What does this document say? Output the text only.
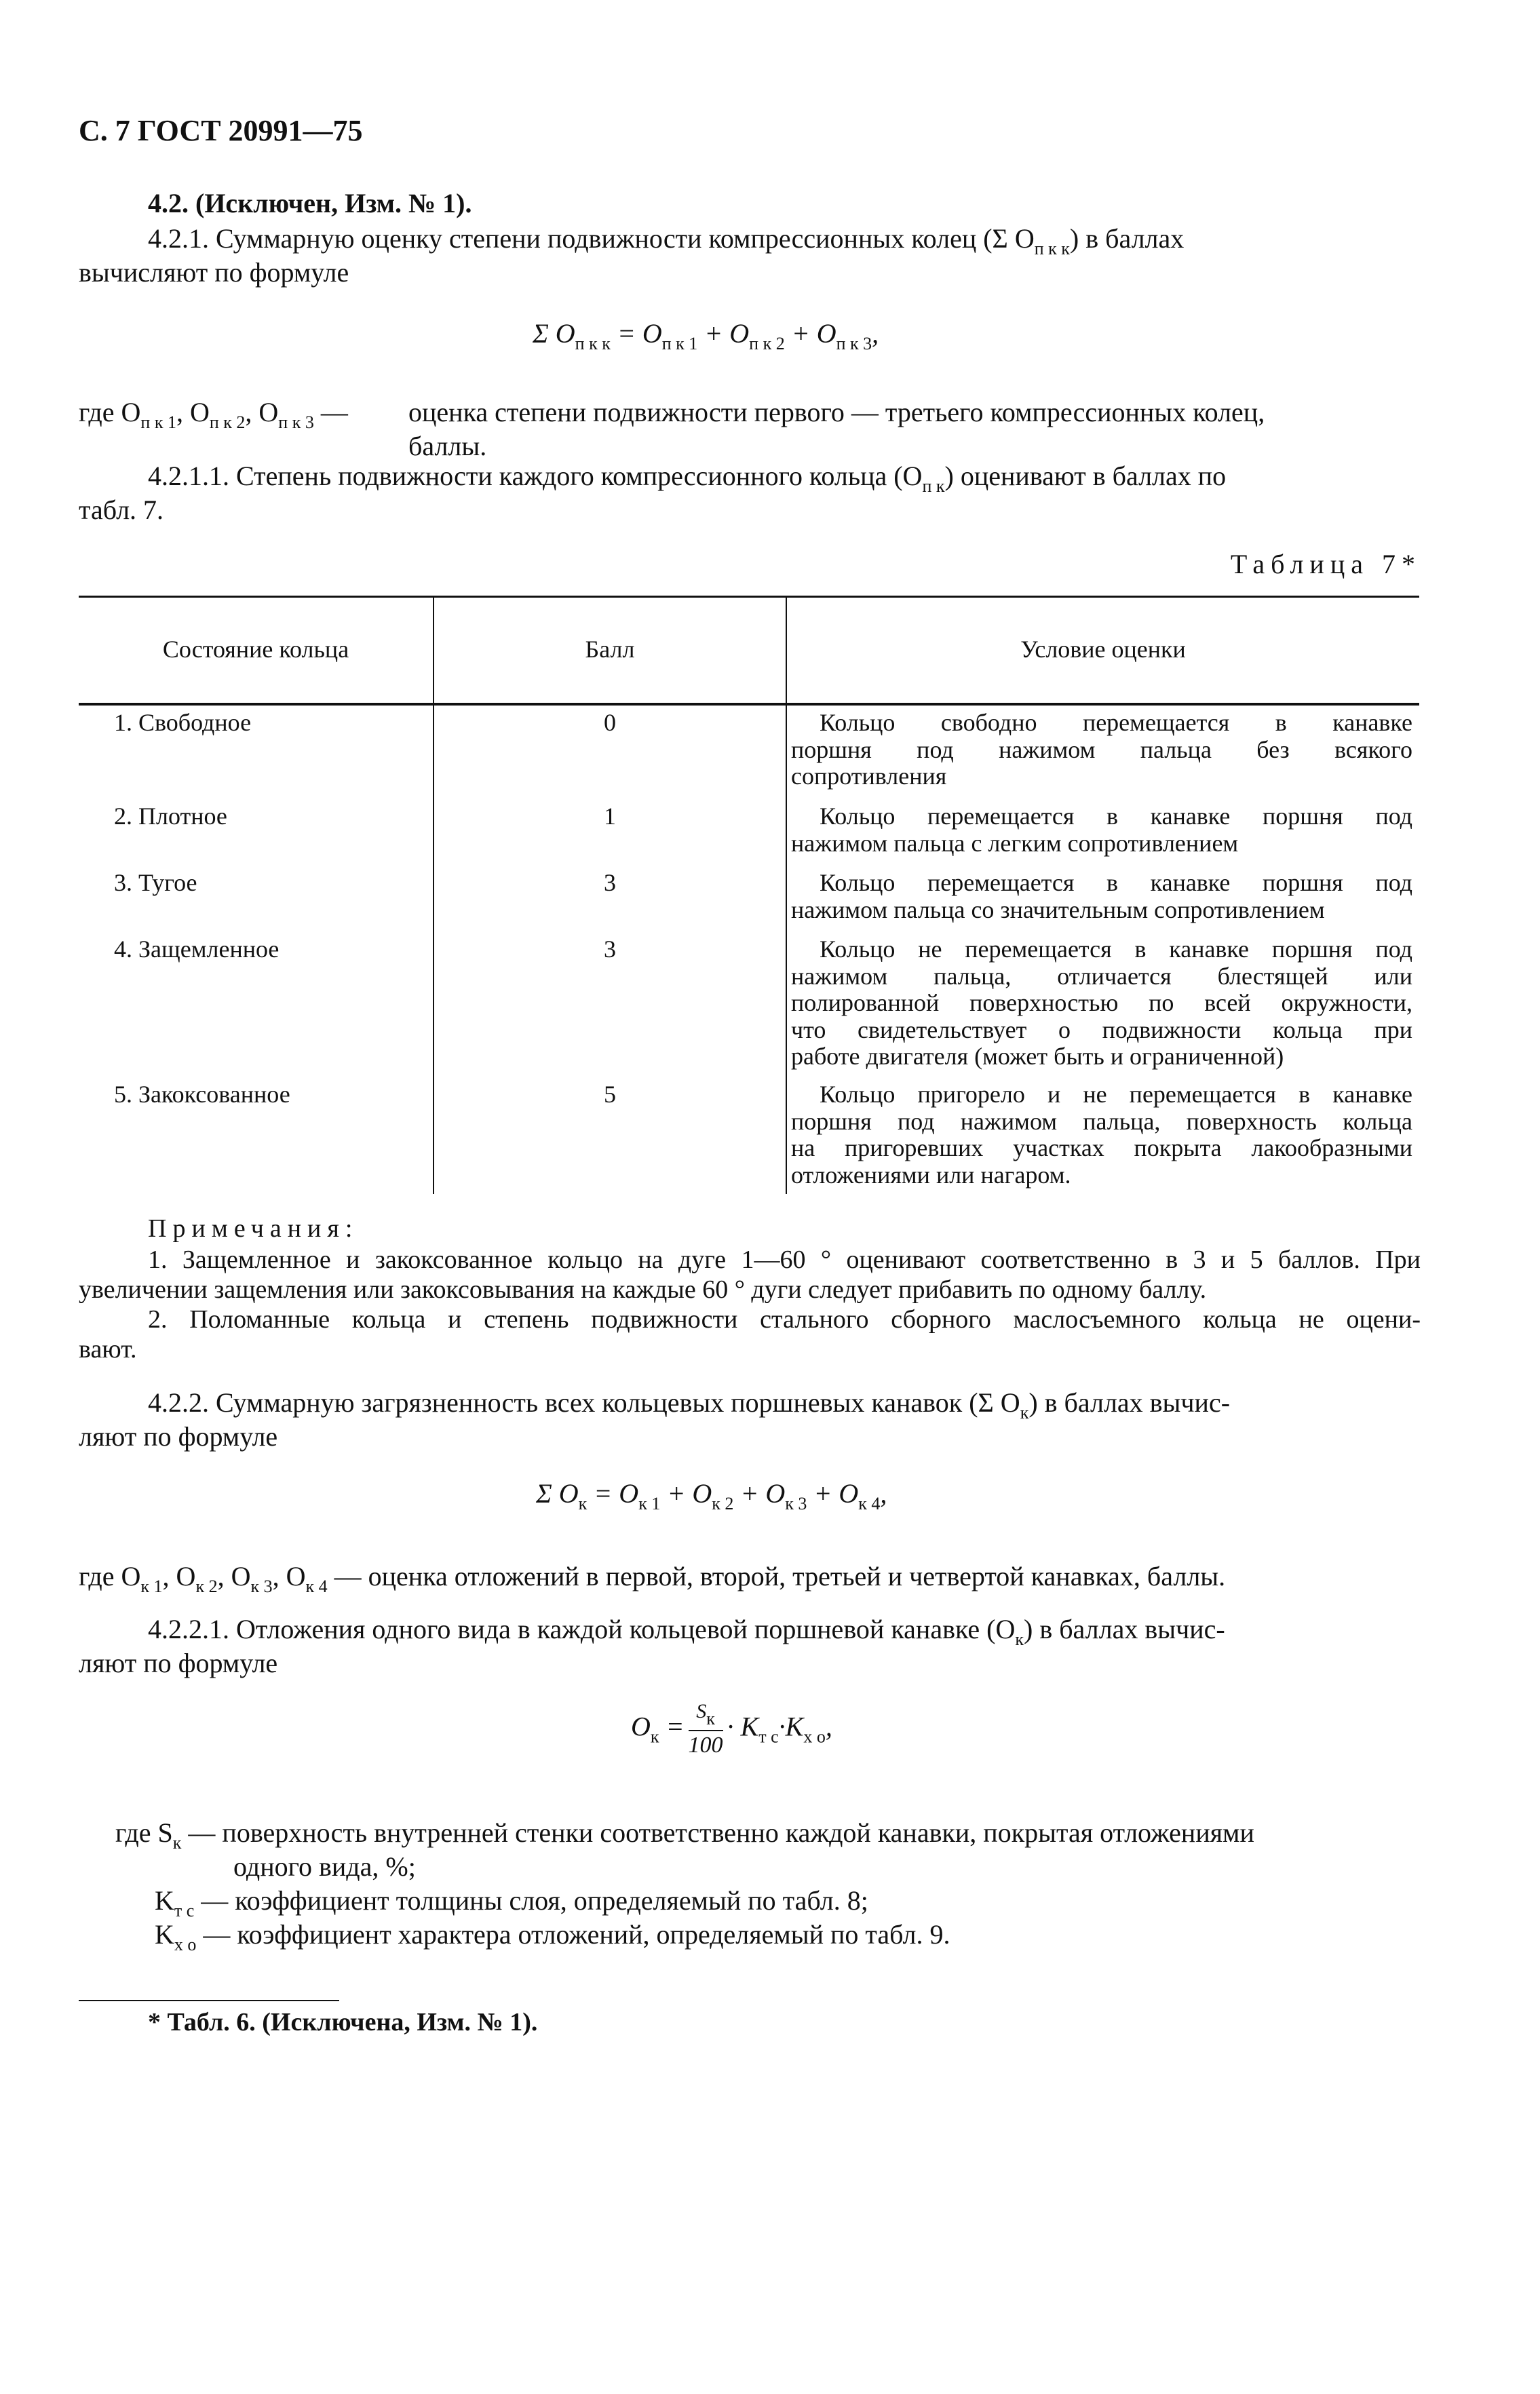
С. 7 ГОСТ 20991—75
4.2. (Исключен, Изм. № 1).
4.2.1. Суммарную оценку степени подвижности компрессионных колец (Σ $О_{п к к}$) в баллах
вычисляют по формуле
Σ $О_{п к к} = О_{п к 1} + О_{п к 2} + О_{п к 3}$,
где $О_{п к 1}$, $О_{п к 2}$, $О_{п к 3}$ — оценка степени подвижности первого — третьего компрессионных колец,
баллы.
4.2.1.1. Степень подвижности каждого компрессионного кольца $(О_{п к})$ оценивают в баллах по
табл. 7.
Таблица 7*
Состояние кольца	Балл	Условие оценки
1. Свободное	0	Кольцо свободно перемещается в канавке
поршня под нажимом пальца без всякого
сопротивления
2. Плотное	1	Кольцо перемещается в канавке поршня под
нажимом пальца с легким сопротивлением
3. Тугое	3	Кольцо перемещается в канавке поршня под
нажимом пальца со значительным сопротивлением
4. Защемленное	3	Кольцо не перемещается в канавке поршня под
нажимом пальца, отличается блестящей или
полированной поверхностью по всей окружности,
что свидетельствует о подвижности кольца при
работе двигателя (может быть и ограниченной)
5. Закоксованное	5	Кольцо пригорело и не перемещается в канавке
поршня под нажимом пальца, поверхность кольца
на пригоревших участках покрыта лакообразными
отложениями или нагаром.
Примечания:
1. Защемленное и закоксованное кольцо на дуге 1—60 ° оценивают соответственно в 3 и 5 баллов. При
увеличении защемления или закоксовывания на каждые 60 ° дуги следует прибавить по одному баллу.
2. Поломанные кольца и степень подвижности стального сборного маслосъемного кольца не оцени-
вают.
4.2.2. Суммарную загрязненность всех кольцевых поршневых канавок (Σ $О_к$) в баллах вычис-
ляют по формуле
Σ $О_к = О_{к 1} + О_{к 2} + О_{к 3} + О_{к 4}$,
где $О_{к 1}$, $О_{к 2}$, $О_{к 3}$, $О_{к 4}$ — оценка отложений в первой, второй, третьей и четвертой канавках, баллы.
4.2.2.1. Отложения одного вида в каждой кольцевой поршневой канавке $(О_к)$ в баллах вычис-
ляют по формуле
$О_к = \frac{S_к}{100} \cdot K_{т с}\cdot K_{х о}$,
где $S_к$ — поверхность внутренней стенки соответственно каждой канавки, покрытая отложениями
одного вида, %;
$K_{т с}$ — коэффициент толщины слоя, определяемый по табл. 8;
$K_{х о}$ — коэффициент характера отложений, определяемый по табл. 9.
* Табл. 6. (Исключена, Изм. № 1).
